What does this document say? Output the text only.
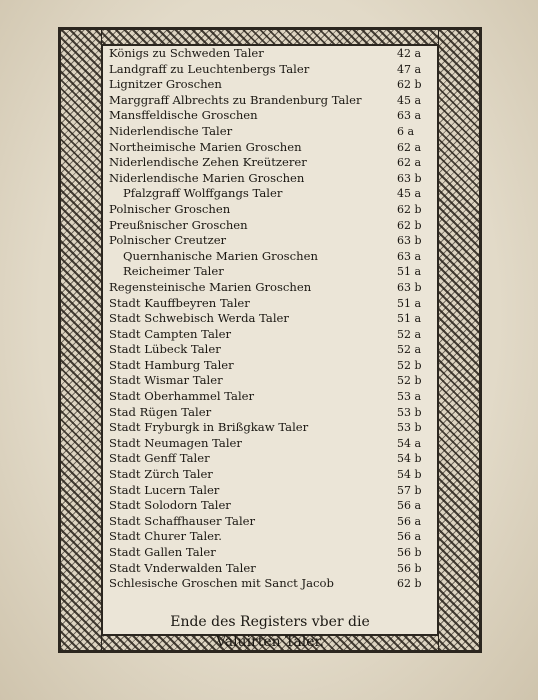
Königs zu Schweden Taler	42 a
Landgraff zu Leuchtenbergs Taler	47 a
Lignitzer Groschen	62 b
Marggraff Albrechts zu Brandenburg Taler	45 a
Mansffeldische Groschen	63 a
Niderlendische Taler	6 a
Northeimische Marien Groschen	62 a
Niderlendische Zehen Kreützerer	62 a
Niderlendische Marien Groschen	63 b
Pfalzgraff Wolffgangs Taler	45 a
Polnischer Groschen	62 b
Preußnischer Groschen	62 b
Polnischer Creutzer	63 b
Quernhanische Marien Groschen	63 a
Reicheimer Taler	51 a
Regensteinische Marien Groschen	63 b
Stadt Kauffbeyren Taler	51 a
Stadt Schwebisch Werda Taler	51 a
Stadt Campten Taler	52 a
Stadt Lübeck Taler	52 a
Stadt Hamburg Taler	52 b
Stadt Wismar Taler	52 b
Stadt Oberhammel Taler	53 a
Stad Rügen Taler	53 b
Stadt Fryburgk in Brißgkaw Taler	53 b
Stadt Neumagen Taler	54 a
Stadt Genff Taler	54 b
Stadt Zürch Taler	54 b
Stadt Lucern Taler	57 b
Stadt Solodorn Taler	56 a
Stadt Schaffhauser Taler	56 a
Stadt Churer Taler.	56 a
Stadt Gallen Taler	56 b
Stadt Vnderwalden Taler	56 b
Schlesische Groschen mit Sanct Jacob	62 b
Ende des Registers vber die
Valuirten Taler.
